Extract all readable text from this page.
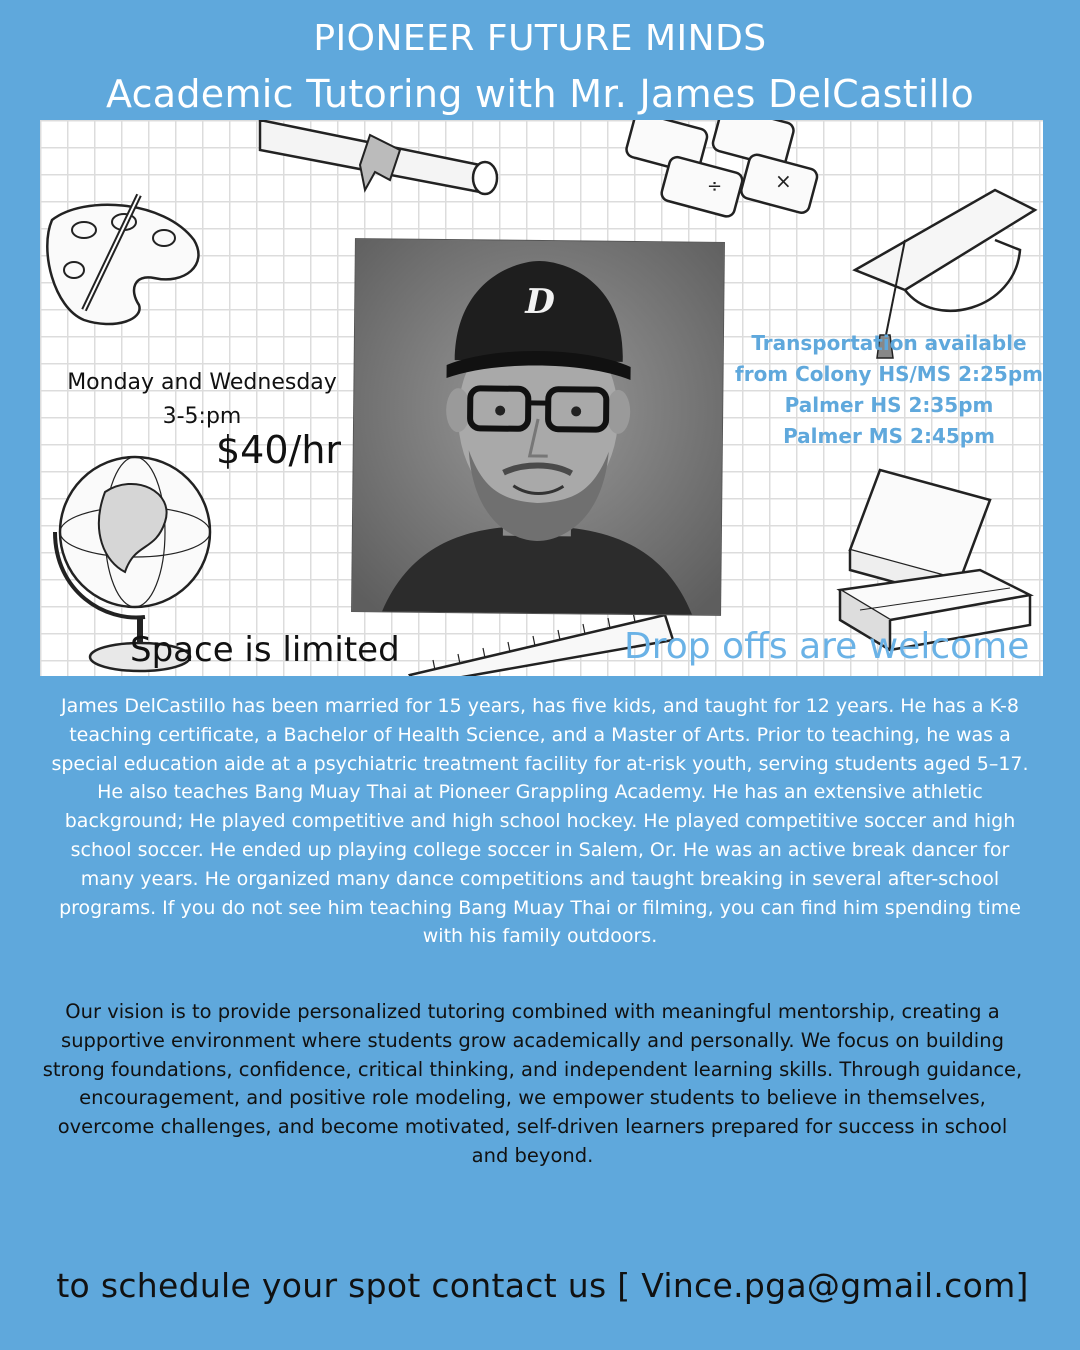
PIONEER FUTURE MINDS
Academic Tutoring with Mr. James DelCastillo
÷	×
D
Monday and Wednesday
3-5:pm
$40/hr
Transportation available
from Colony HS/MS 2:25pm
Palmer HS 2:35pm
Palmer MS 2:45pm
Space is limited	Drop offs are welcome
James DelCastillo has been married for 15 years, has five kids, and taught for 12 years. He has a K-8 teaching certificate, a Bachelor of Health Science, and a Master of Arts. Prior to teaching, he was a special education aide at a psychiatric treatment facility for at-risk youth, serving students aged 5–17. He also teaches Bang Muay Thai at Pioneer Grappling Academy. He has an extensive athletic background; He played competitive and high school hockey. He played competitive soccer and high school soccer. He ended up playing college soccer in Salem, Or. He was an active break dancer for many years. He organized many dance competitions and taught breaking in several after-school programs. If you do not see him teaching Bang Muay Thai or filming, you can find him spending time with his family outdoors.
Our vision is to provide personalized tutoring combined with meaningful mentorship, creating a supportive environment where students grow academically and personally. We focus on building strong foundations, confidence, critical thinking, and independent learning skills. Through guidance, encouragement, and positive role modeling, we empower students to believe in themselves, overcome challenges, and become motivated, self-driven learners prepared for success in school and beyond.
to schedule your spot contact us [ Vince.pga@gmail.com]
